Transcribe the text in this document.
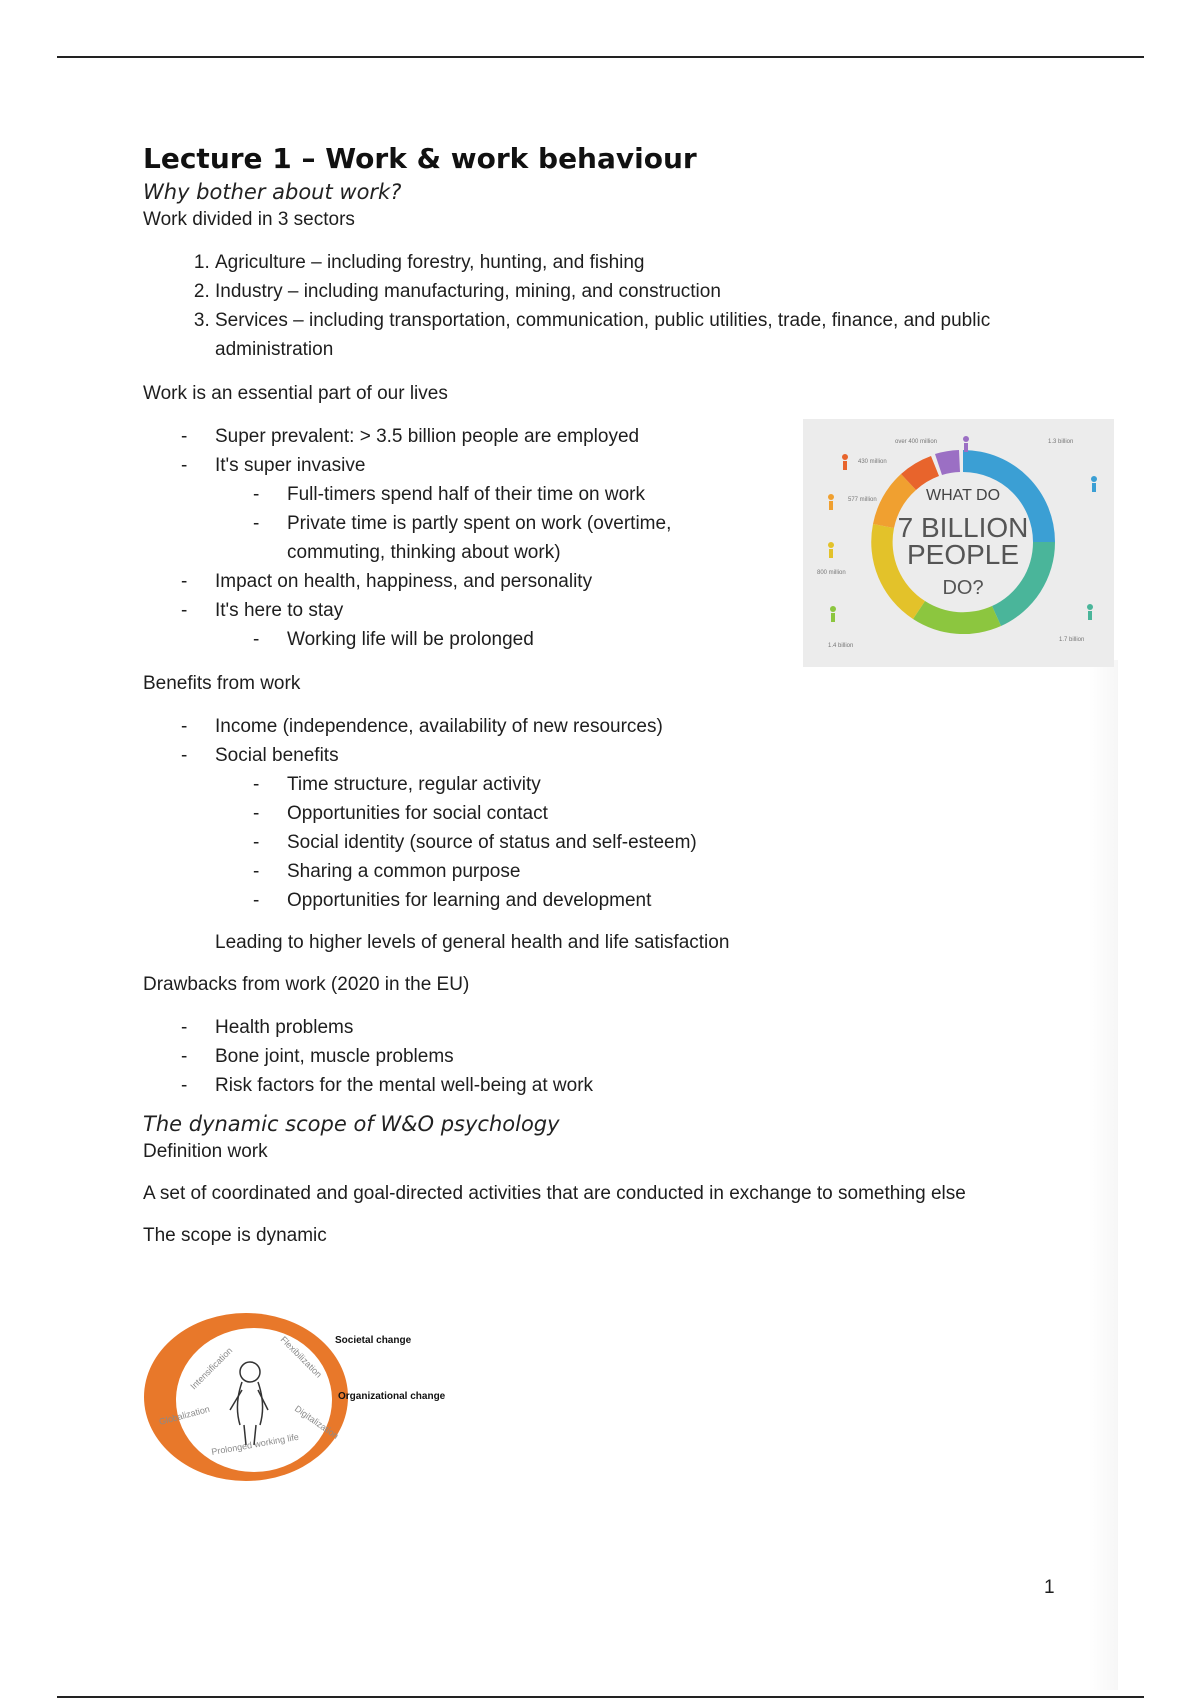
Lecture 1 – Work & work behaviour
Why bother about work?

Work divided in 3 sectors

1. Agriculture – including forestry, hunting, and fishing
2. Industry – including manufacturing, mining, and construction
3. Services – including transportation, communication, public utilities, trade, finance, and public administration

Work is an essential part of our lives

- Super prevalent: > 3.5 billion people are employed
- It's super invasive
- Full-timers spend half of their time on work
- Private time is partly spent on work (overtime, commuting, thinking about work)
- Impact on health, happiness, and personality
- It's here to stay
- Working life will be prolonged

Benefits from work

- Income (independence, availability of new resources)
- Social benefits
- Time structure, regular activity
- Opportunities for social contact
- Social identity (source of status and self-esteem)
- Sharing a common purpose
- Opportunities for learning and development

Leading to higher levels of general health and life satisfaction

Drawbacks from work (2020 in the EU)

- Health problems
- Bone joint, muscle problems
- Risk factors for the mental well-being at work
The dynamic scope of W&O psychology

Definition work

A set of coordinated and goal-directed activities that are conducted in exchange to something else

The scope is dynamic

WHAT DO
7 BILLION
PEOPLE
DO?
over 400 million
430 million
577 million
800 million
1.4 billion
1.3 billion
1.7 billion
Intensification	Flexibilization
Digitalization
Prolonged working life
Globalization
Societal change
Organizational change
1
